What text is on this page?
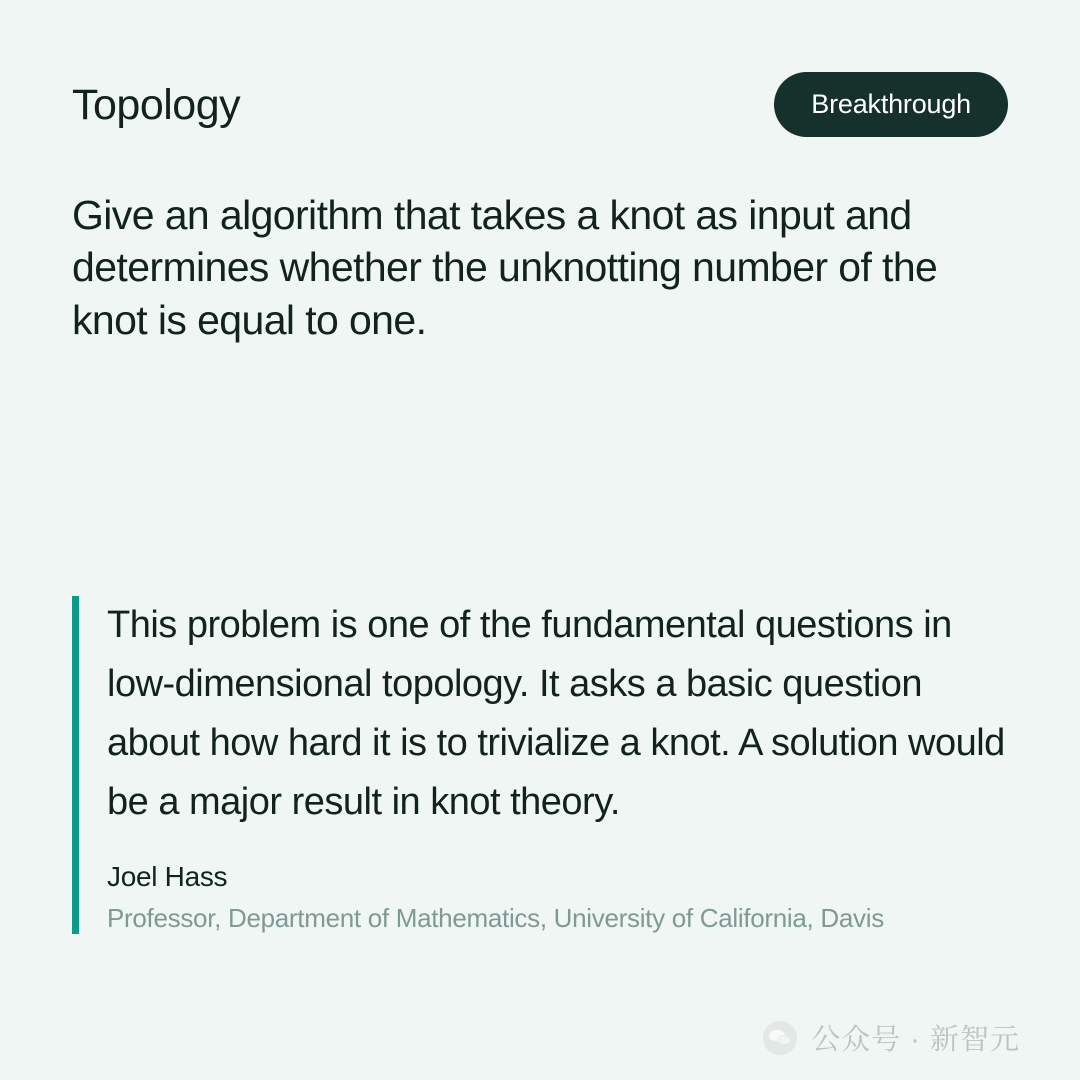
Topology	Breakthrough
Give an algorithm that takes a knot as input and determines whether the unknotting number of the knot is equal to one.

This problem is one of the fundamental questions in low-dimensional topology. It asks a basic question about how hard it is to trivialize a knot. A solution would be a major result in knot theory.

Joel Hass
Professor, Department of Mathematics, University of California, Davis
公众号 · 新智元
